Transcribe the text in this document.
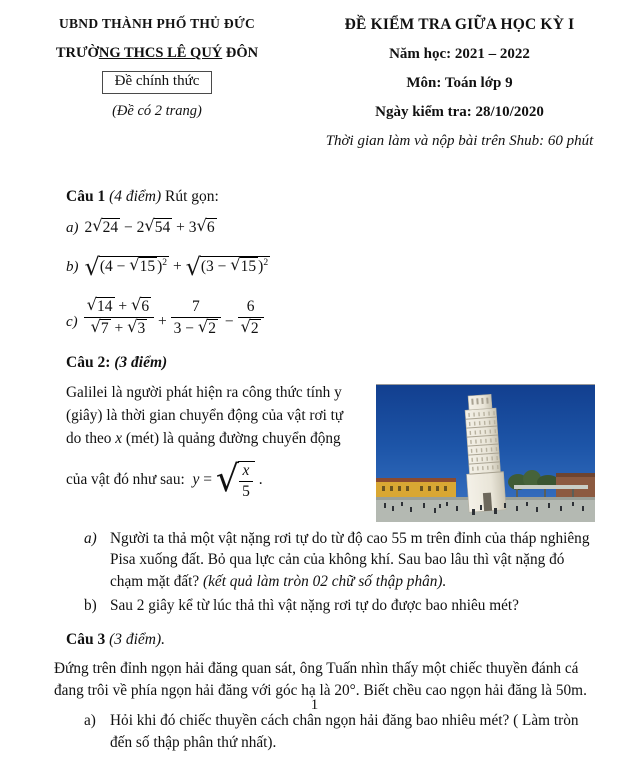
UBND THÀNH PHỐ THỦ ĐỨC
TRƯỜNG THCS LÊ QUÝ ĐÔN
Đề chính thức
(Đề có 2 trang)
ĐỀ KIỂM TRA GIỮA HỌC KỲ I
Năm học: 2021 – 2022
Môn: Toán lớp 9
Ngày kiểm tra: 28/10/2020
Thời gian làm và nộp bài trên Shub: 60 phút
Câu 1 (4 điểm) Rút gọn:
a) 2√24 − 2√54 + 3√6
b) √(4 − √15 )$^2$ + √(3 − √15 )$^2$
$c) \frac{√14 + √6}{√7 + √3} + \frac{7}{3 - √2} - \frac{6}{√2}$
Câu 2: (3 điểm)
Galilei là người phát hiện ra công thức tính y (giây) là thời gian chuyển động của vật rơi tự do theo x (mét) là quảng đường chuyển động
của vật đó như sau: y = √ $\frac{x}{5}$ .
a) Người ta thả một vật nặng rơi tự do từ độ cao 55 m trên đỉnh của tháp nghiêng Pisa xuống đất. Bỏ qua lực cản của không khí. Sau bao lâu thì vật nặng đó chạm mặt đất? (kết quả làm tròn 02 chữ số thập phân).
b) Sau 2 giây kể từ lúc thả thì vật nặng rơi tự do được bao nhiêu mét?
Câu 3 (3 điểm).
Đứng trên đỉnh ngọn hải đăng quan sát, ông Tuấn nhìn thấy một chiếc thuyền đánh cá đang trôi về phía ngọn hải đăng với góc hạ là 20°. Biết chều cao ngọn hải đăng là 50m.
a) Hỏi khi đó chiếc thuyền cách chân ngọn hải đăng bao nhiêu mét? ( Làm tròn đến số thập phân thứ nhất).
1
